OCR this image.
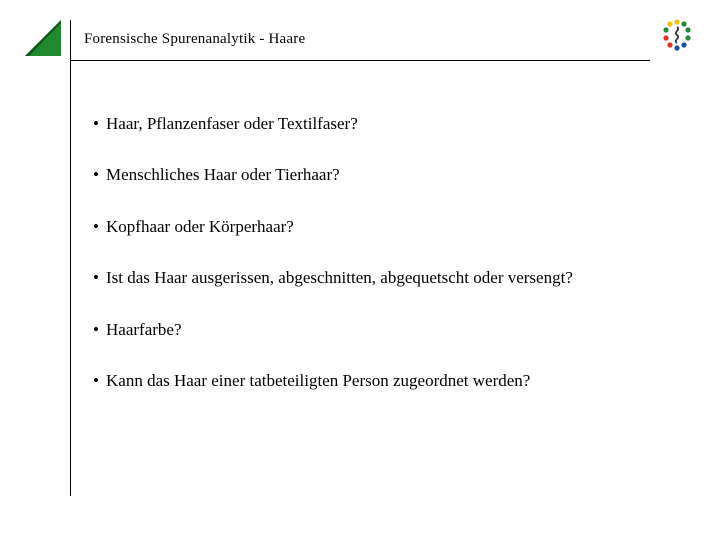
Forensische Spurenanalytik - Haare
• Haar, Pflanzenfaser oder Textilfaser?
• Menschliches Haar oder Tierhaar?
• Kopfhaar oder Körperhaar?
• Ist das Haar ausgerissen, abgeschnitten, abgequetscht oder versengt?
• Haarfarbe?
• Kann das Haar einer tatbeteiligten Person zugeordnet werden?
